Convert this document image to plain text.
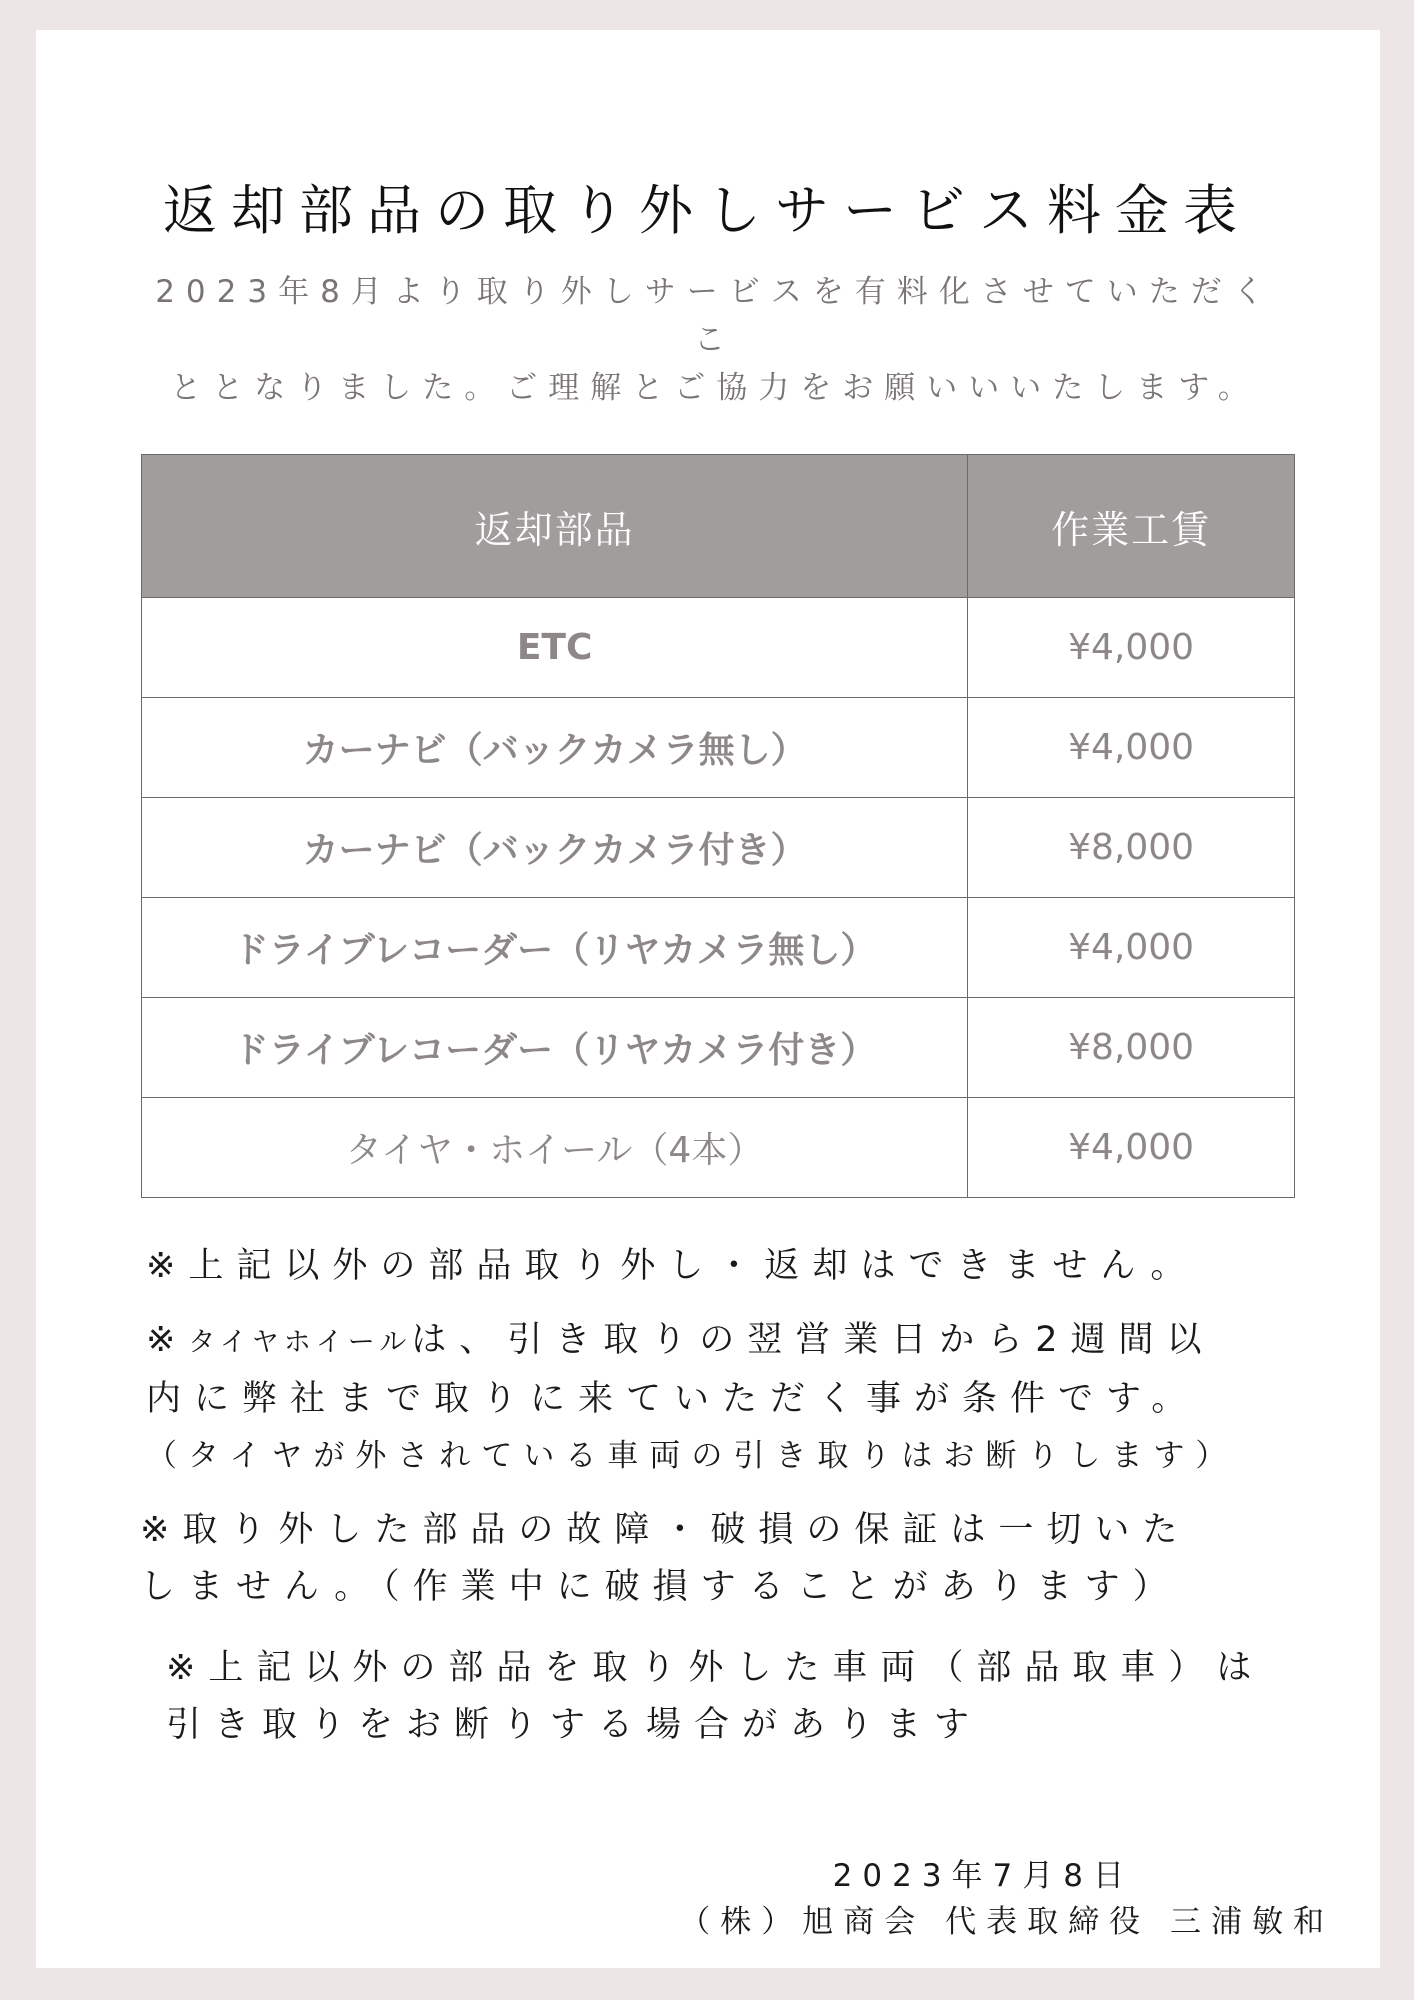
返却部品の取り外しサービス料金表
2023年8月より取り外しサービスを有料化させていただくこ
ととなりました。ご理解とご協力をお願いいいたします。
返却部品	作業工賃
ETC	¥4,000
カーナビ（バックカメラ無し）	¥4,000
カーナビ（バックカメラ付き）	¥8,000
ドライブレコーダー（リヤカメラ無し）	¥4,000
ドライブレコーダー（リヤカメラ付き）	¥8,000
タイヤ・ホイール（4本）	¥4,000
※上記以外の部品取り外し・返却はできません。
※タイヤホイールは、引き取りの翌営業日から2週間以
内に弊社まで取りに来ていただく事が条件です。
（タイヤが外されている車両の引き取りはお断りします）
※取り外した部品の故障・破損の保証は一切いた
しません。（作業中に破損することがあります）
※上記以外の部品を取り外した車両（部品取車）は
引き取りをお断りする場合があります
2023年7月8日
（株）旭商会 代表取締役 三浦敏和
